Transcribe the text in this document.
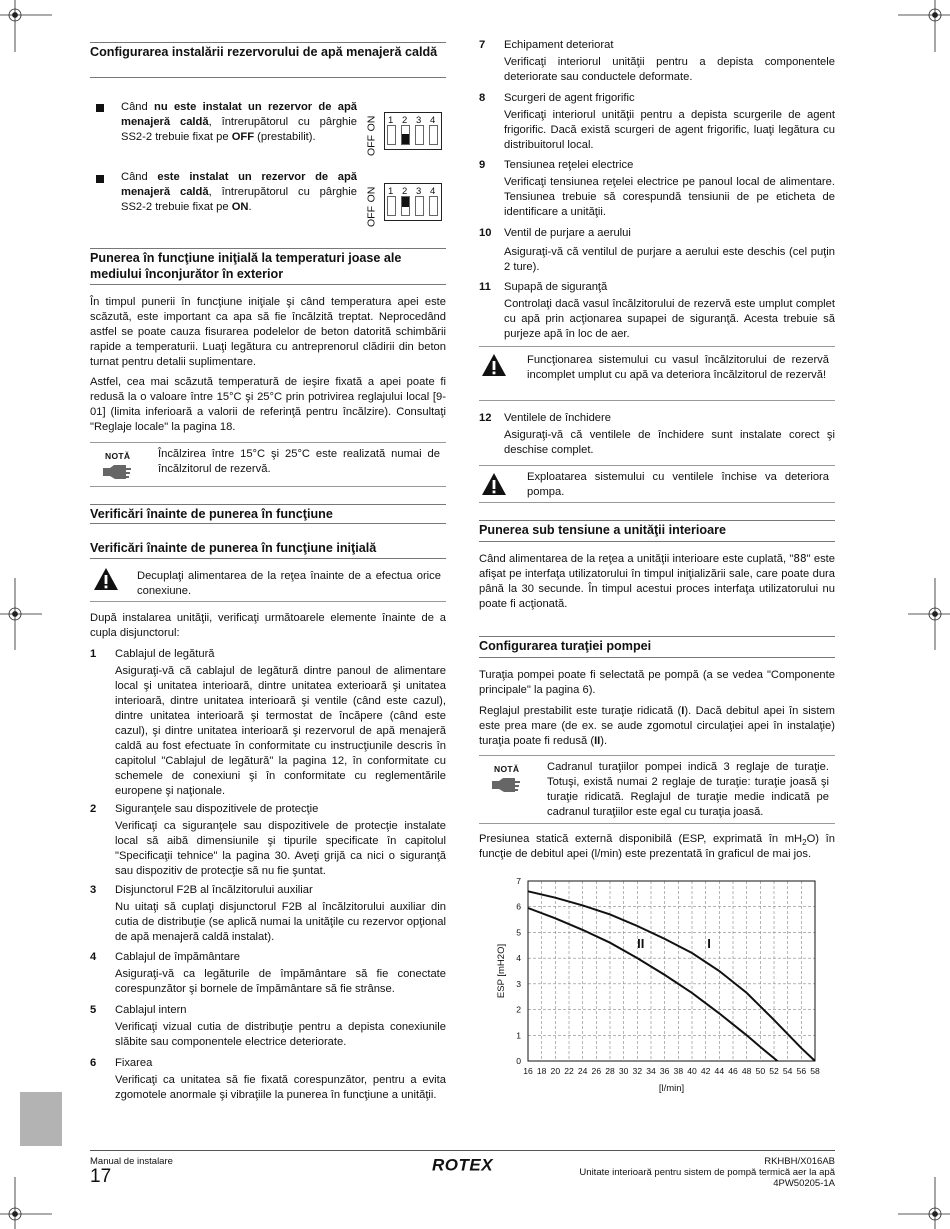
Configurarea instalării rezervorului de apă menajeră caldă
Când nu este instalat un rezervor de apă menajeră caldă, întrerupătorul cu pârghie SS2-2 trebuie fixat pe OFF (prestabilit).
ON
OFF
1 2 3 4
Când este instalat un rezervor de apă menajeră caldă, întrerupătorul cu pârghie SS2-2 trebuie fixat pe ON.
ON
OFF
1 2 3 4
Punerea în funcţiune iniţială la temperaturi joase ale mediului înconjurător în exterior

În timpul punerii în funcţiune iniţiale şi când temperatura apei este scăzută, este important ca apa să fie încălzită treptat. Neprocedând astfel se poate cauza fisurarea podelelor de beton datorită schimbării rapide a temperaturii. Luaţi legătura cu antreprenorul clădirii din beton turnat pentru detalii suplimentare.

Astfel, cea mai scăzută temperatură de ieşire fixată a apei poate fi redusă la o valoare între 15°C şi 25°C prin potrivirea reglajului local [9-01] (limita inferioară a valorii de referinţă pentru încălzire). Consultaţi "Reglaje locale" la pagina 18.

NOTĂ Încălzirea între 15°C şi 25°C este realizată numai de încălzitorul de rezervă.

Verificări înainte de punerea în funcţiune
Verificări înainte de punerea în funcţiune iniţială

Decuplaţi alimentarea de la reţea înainte de a efectua orice conexiune.

După instalarea unităţii, verificaţi următoarele elemente înainte de a cupla disjunctorul:

1 Cablajul de legătură
Asiguraţi-vă că cablajul de legătură dintre panoul de alimentare local şi unitatea interioară, dintre unitatea exterioară şi unitatea interioară, dintre unitatea interioară şi ventile (când este cazul), dintre unitatea interioară şi termostat de încăpere (când este cazul), şi dintre unitatea interioară şi rezervorul de apă menajeră caldă au fost efectuate în conformitate cu instrucţiunile descris în capitolul "Cablajul de legătură" la pagina 12, în conformitate cu schemele de conexiuni şi în conformitate cu reglementările europene şi naţionale.
2 Siguranţele sau dispozitivele de protecţie
Verificaţi ca siguranţele sau dispozitivele de protecţie instalate local să aibă dimensiunile şi tipurile specificate în capitolul "Specificaţii tehnice" la pagina 30. Aveţi grijă ca nici o siguranţă sau dispozitiv de protecţie să nu fie şuntat.
3 Disjunctorul F2B al încălzitorului auxiliar
Nu uitaţi să cuplaţi disjunctorul F2B al încălzitorului auxiliar din cutia de distribuţie (se aplică numai la unităţile cu rezervor opţional de apă menajeră caldă instalat).
4 Cablajul de împământare
Asiguraţi-vă ca legăturile de împământare să fie conectate corespunzător şi bornele de împământare să fie strânse.
5 Cablajul intern
Verificaţi vizual cutia de distribuţie pentru a depista conexiunile slăbite sau componentele electrice deteriorate.
6 Fixarea
Verificaţi ca unitatea să fie fixată corespunzător, pentru a evita zgomotele anormale şi vibraţiile la punerea în funcţiune a unităţii.
7 Echipament deteriorat
Verificaţi interiorul unităţii pentru a depista componentele deteriorate sau conductele deformate.
8 Scurgeri de agent frigorific
Verificaţi interiorul unităţii pentru a depista scurgerile de agent frigorific. Dacă există scurgeri de agent frigorific, luaţi legătura cu distribuitorul local.
9 Tensiunea reţelei electrice
Verificaţi tensiunea reţelei electrice pe panoul local de alimentare. Tensiunea trebuie să corespundă tensiunii de pe eticheta de identificare a unităţii.
10 Ventil de purjare a aerului
Asiguraţi-vă că ventilul de purjare a aerului este deschis (cel puţin 2 ture).
11 Supapă de siguranţă
Controlaţi dacă vasul încălzitorului de rezervă este umplut complet cu apă prin acţionarea supapei de siguranţă. Acesta trebuie să purjeze apă în loc de aer.

Funcţionarea sistemului cu vasul încălzitorului de rezervă incomplet umplut cu apă va deteriora încălzitorul de rezervă!

12 Ventilele de închidere
Asiguraţi-vă că ventilele de închidere sunt instalate corect şi deschise complet.

Exploatarea sistemului cu ventilele închise va deteriora pompa.

Punerea sub tensiune a unităţii interioare
Când alimentarea de la reţea a unităţii interioare este cuplată, "88" este afişat pe interfaţa utilizatorului în timpul iniţializării sale, care poate dura până la 30 secunde. În timpul acestui proces interfaţa utilizatorului nu poate fi acţionată.
Configurarea turaţiei pompei

Turaţia pompei poate fi selectată pe pompă (a se vedea "Componente principale" la pagina 6).

Reglajul prestabilit este turaţie ridicată (I). Dacă debitul apei în sistem este prea mare (de ex. se aude zgomotul circulaţiei apei în instalaţie) turaţia poate fi redusă (II).
NOTĂ Cadranul turaţiilor pompei indică 3 reglaje de turaţie. Totuşi, există numai 2 reglaje de turaţie: turaţie joasă şi turaţie ridicată. Reglajul de turaţie medie indicată pe cadranul turaţiilor este egal cu turaţia joasă.

Presiunea statică externă disponibilă (ESP, exprimată în $mH_2O$) în funcţie de debitul apei (l/min) este prezentată în graficul de mai jos.
16 18 20 22 24 26 28 30 32 34 36 38 40 42 44 46 48 50 52 54 56 58
0
1
2
3
4
5
6
7
[l/min]
ESP [mH2O]
I
II
Manual de instalare
17
ROTEX	RKHBH/X016AB
Unitate interioară pentru sistem de pompă termică aer la apă
4PW50205-1A
